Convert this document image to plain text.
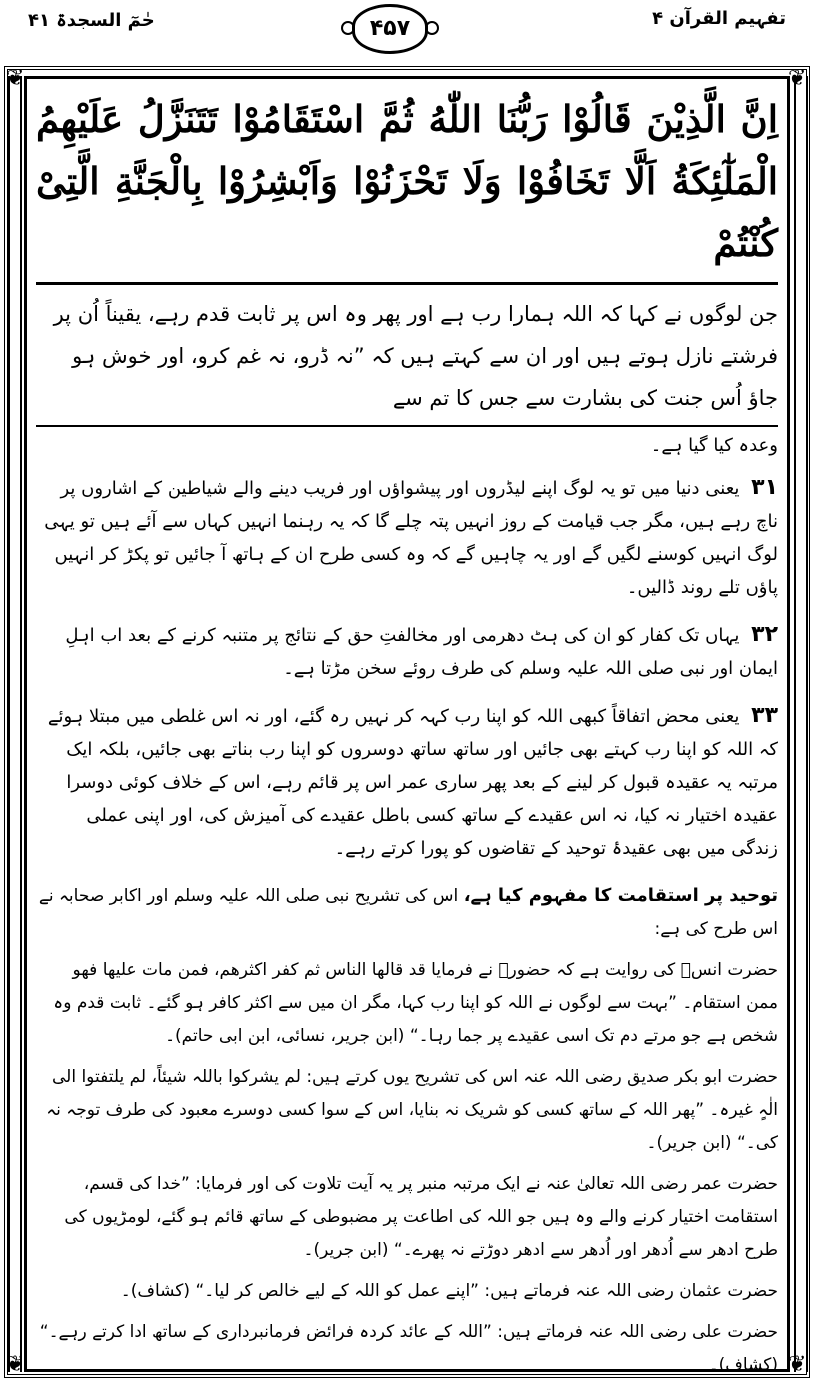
حٰمٓ السجدۃ ۴۱	۴۵۷	تفہیم القرآن ۴
❦	❦
❦	❦

اِنَّ الَّذِیْنَ قَالُوْا رَبُّنَا اللّٰهُ ثُمَّ اسْتَقَامُوْا تَتَنَزَّلُ عَلَیْهِمُ الْمَلٰٓئِكَةُ اَلَّا تَخَافُوْا وَلَا تَحْزَنُوْا وَاَبْشِرُوْا بِالْجَنَّةِ الَّتِیْ كُنْتُمْ

جن لوگوں نے کہا کہ اللہ ہمارا رب ہے اور پھر وہ اس پر ثابت قدم رہے، یقیناً اُن پر فرشتے نازل ہوتے ہیں اور ان سے کہتے ہیں کہ ”نہ ڈرو، نہ غم کرو، اور خوش ہو جاؤ اُس جنت کی بشارت سے جس کا تم سے

وعدہ کیا گیا ہے۔

۳۱ یعنی دنیا میں تو یہ لوگ اپنے لیڈروں اور پیشواؤں اور فریب دینے والے شیاطین کے اشاروں پر ناچ رہے ہیں، مگر جب قیامت کے روز انہیں پتہ چلے گا کہ یہ رہنما انہیں کہاں سے آئے ہیں تو یہی لوگ انہیں کوسنے لگیں گے اور یہ چاہیں گے کہ وہ کسی طرح ان کے ہاتھ آ جائیں تو پکڑ کر انہیں پاؤں تلے روند ڈالیں۔

۳۲ یہاں تک کفار کو ان کی ہٹ دھرمی اور مخالفتِ حق کے نتائج پر متنبہ کرنے کے بعد اب اہلِ ایمان اور نبی صلی اللہ علیہ وسلم کی طرف روئے سخن مڑتا ہے۔

۳۳ یعنی محض اتفاقاً کبھی اللہ کو اپنا رب کہہ کر نہیں رہ گئے، اور نہ اس غلطی میں مبتلا ہوئے کہ اللہ کو اپنا رب کہتے بھی جائیں اور ساتھ ساتھ دوسروں کو اپنا رب بناتے بھی جائیں، بلکہ ایک مرتبہ یہ عقیدہ قبول کر لینے کے بعد پھر ساری عمر اس پر قائم رہے، اس کے خلاف کوئی دوسرا عقیدہ اختیار نہ کیا، نہ اس عقیدے کے ساتھ کسی باطل عقیدے کی آمیزش کی، اور اپنی عملی زندگی میں بھی عقیدۂ توحید کے تقاضوں کو پورا کرتے رہے۔

توحید پر استقامت کا مفہوم کیا ہے، اس کی تشریح نبی صلی اللہ علیہ وسلم اور اکابر صحابہ نے اس طرح کی ہے:

حضرت انسؓ کی روایت ہے کہ حضورؐ نے فرمایا قد قالها الناس ثم کفر اکثرهم، فمن مات علیها فهو ممن استقام۔ ”بہت سے لوگوں نے اللہ کو اپنا رب کہا، مگر ان میں سے اکثر کافر ہو گئے۔ ثابت قدم وہ شخص ہے جو مرتے دم تک اسی عقیدے پر جما رہا۔“ (ابن جریر، نسائی، ابن ابی حاتم)۔

حضرت ابو بکر صدیق رضی اللہ عنہ اس کی تشریح یوں کرتے ہیں: لم یشرکوا باللہ شیئاً، لم یلتفتوا الی الٰہٍ غیرہ۔ ”پھر اللہ کے ساتھ کسی کو شریک نہ بنایا، اس کے سوا کسی دوسرے معبود کی طرف توجہ نہ کی۔“ (ابن جریر)۔

حضرت عمر رضی اللہ تعالیٰ عنہ نے ایک مرتبہ منبر پر یہ آیت تلاوت کی اور فرمایا: ”خدا کی قسم، استقامت اختیار کرنے والے وہ ہیں جو اللہ کی اطاعت پر مضبوطی کے ساتھ قائم ہو گئے، لومڑیوں کی طرح ادھر سے اُدھر اور اُدھر سے ادھر دوڑتے نہ پھرے۔“ (ابن جریر)۔

حضرت عثمان رضی اللہ عنہ فرماتے ہیں: ”اپنے عمل کو اللہ کے لیے خالص کر لیا۔“ (کشاف)۔

حضرت علی رضی اللہ عنہ فرماتے ہیں: ”اللہ کے عائد کردہ فرائض فرمانبرداری کے ساتھ ادا کرتے رہے۔“ (کشاف)۔
